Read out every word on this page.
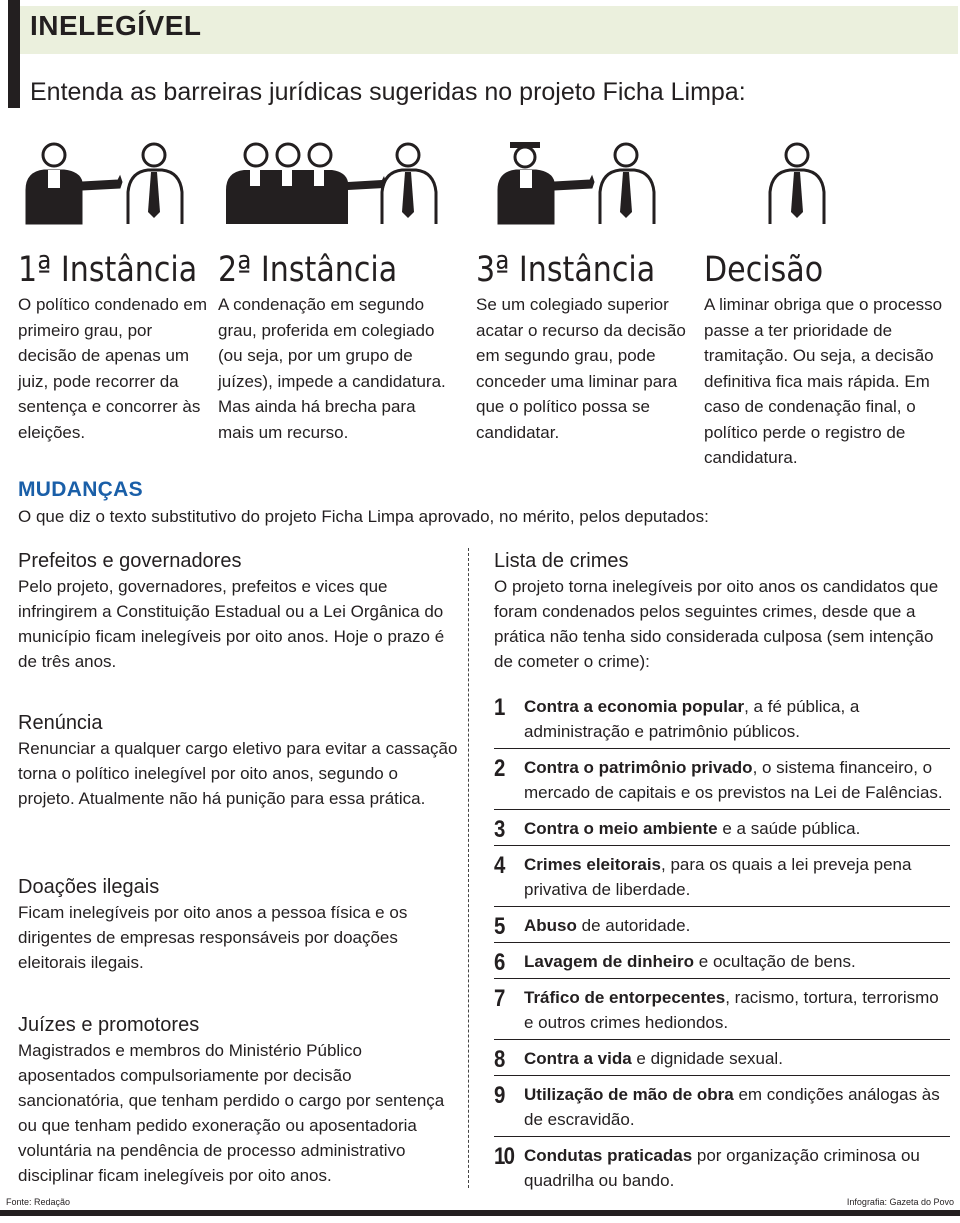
INELEGÍVEL
Entenda as barreiras jurídicas sugeridas no projeto Ficha Limpa:
1ª Instância

O político condenado em primeiro grau, por decisão de apenas um juiz, pode recorrer da sentença e concorrer às eleições.

2ª Instância

A condenação em segundo grau, proferida em colegiado (ou seja, por um grupo de juízes), impede a candidatura. Mas ainda há brecha para mais um recurso.

3ª Instância

Se um colegiado superior acatar o recurso da decisão em segundo grau, pode conceder uma liminar para que o político possa se candidatar.

Decisão

A liminar obriga que o processo passe a ter prioridade de tramitação. Ou seja, a decisão definitiva fica mais rápida. Em caso de condenação final, o político perde o registro de candidatura.

MUDANÇAS
O que diz o texto substitutivo do projeto Ficha Limpa aprovado, no mérito, pelos deputados:
Prefeitos e governadores

Pelo projeto, governadores, prefeitos e vices que infringirem a Constituição Estadual ou a Lei Orgânica do município ficam inelegíveis por oito anos. Hoje o prazo é de três anos.

Renúncia

Renunciar a qualquer cargo eletivo para evitar a cassação torna o político inelegível por oito anos, segundo o projeto. Atualmente não há punição para essa prática.

Doações ilegais

Ficam inelegíveis por oito anos a pessoa física e os dirigentes de empresas responsáveis por doações eleitorais ilegais.

Juízes e promotores

Magistrados e membros do Ministério Público aposentados compulsoriamente por decisão sancionatória, que tenham perdido o cargo por sentença ou que tenham pedido exoneração ou aposentadoria voluntária na pendência de processo administrativo disciplinar ficam inelegíveis por oito anos.

Lista de crimes

O projeto torna inelegíveis por oito anos os candidatos que foram condenados pelos seguintes crimes, desde que a prática não tenha sido considerada culposa (sem intenção de cometer o crime):

1 Contra a economia popular, a fé pública, a administração e patrimônio públicos.
2 Contra o patrimônio privado, o sistema financeiro, o mercado de capitais e os previstos na Lei de Falências.
3 Contra o meio ambiente e a saúde pública.
4 Crimes eleitorais, para os quais a lei preveja pena privativa de liberdade.
5 Abuso de autoridade.
6 Lavagem de dinheiro e ocultação de bens.
7 Tráfico de entorpecentes, racismo, tortura, terrorismo e outros crimes hediondos.
8 Contra a vida e dignidade sexual.
9 Utilização de mão de obra em condições análogas às de escravidão.
10 Condutas praticadas por organização criminosa ou quadrilha ou bando.
Fonte: Redação	Infografia: Gazeta do Povo
